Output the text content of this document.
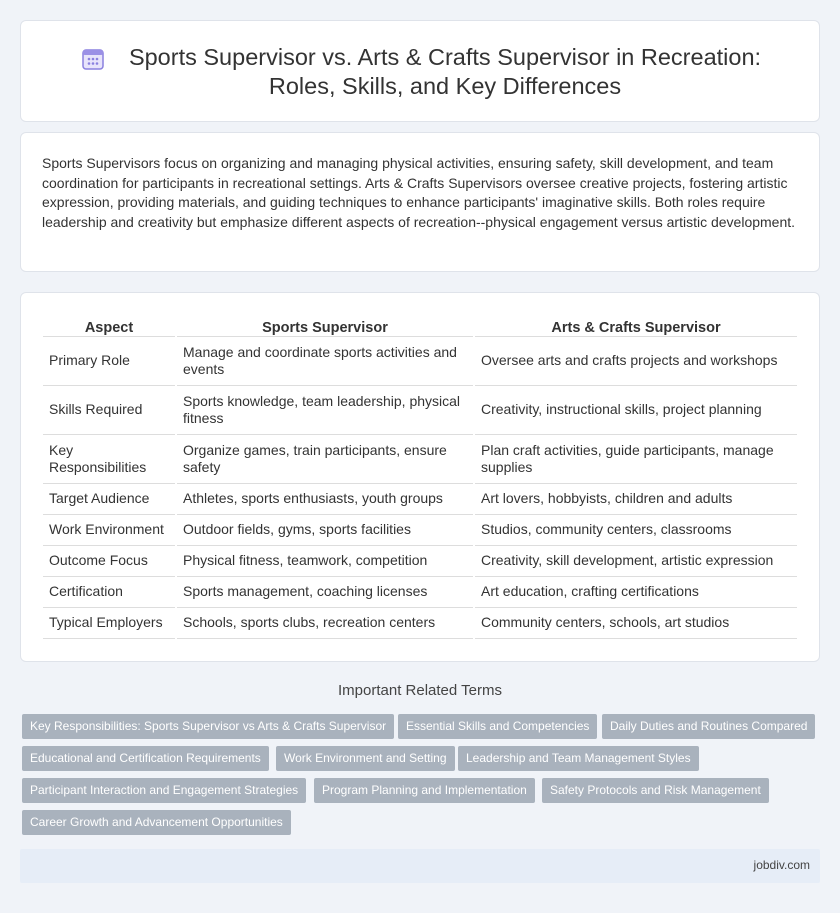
Sports Supervisor vs. Arts & Crafts Supervisor in Recreation: Roles, Skills, and Key Differences

Sports Supervisors focus on organizing and managing physical activities, ensuring safety, skill development, and team coordination for participants in recreational settings. Arts & Crafts Supervisors oversee creative projects, fostering artistic expression, providing materials, and guiding techniques to enhance participants' imaginative skills. Both roles require leadership and creativity but emphasize different aspects of recreation--physical engagement versus artistic development.

Aspect	Sports Supervisor	Arts & Crafts Supervisor
Primary Role	Manage and coordinate sports activities and events	Oversee arts and crafts projects and workshops
Skills Required	Sports knowledge, team leadership, physical fitness	Creativity, instructional skills, project planning
Key Responsibilities	Organize games, train participants, ensure safety	Plan craft activities, guide participants, manage supplies
Target Audience	Athletes, sports enthusiasts, youth groups	Art lovers, hobbyists, children and adults
Work Environment	Outdoor fields, gyms, sports facilities	Studios, community centers, classrooms
Outcome Focus	Physical fitness, teamwork, competition	Creativity, skill development, artistic expression
Certification	Sports management, coaching licenses	Art education, crafting certifications
Typical Employers	Schools, sports clubs, recreation centers	Community centers, schools, art studios
Important Related Terms
Key Responsibilities: Sports Supervisor vs Arts & Crafts Supervisor	Essential Skills and Competencies	Daily Duties and Routines Compared
Educational and Certification Requirements	Work Environment and Setting	Leadership and Team Management Styles
Participant Interaction and Engagement Strategies	Program Planning and Implementation	Safety Protocols and Risk Management
Career Growth and Advancement Opportunities
jobdiv.com
